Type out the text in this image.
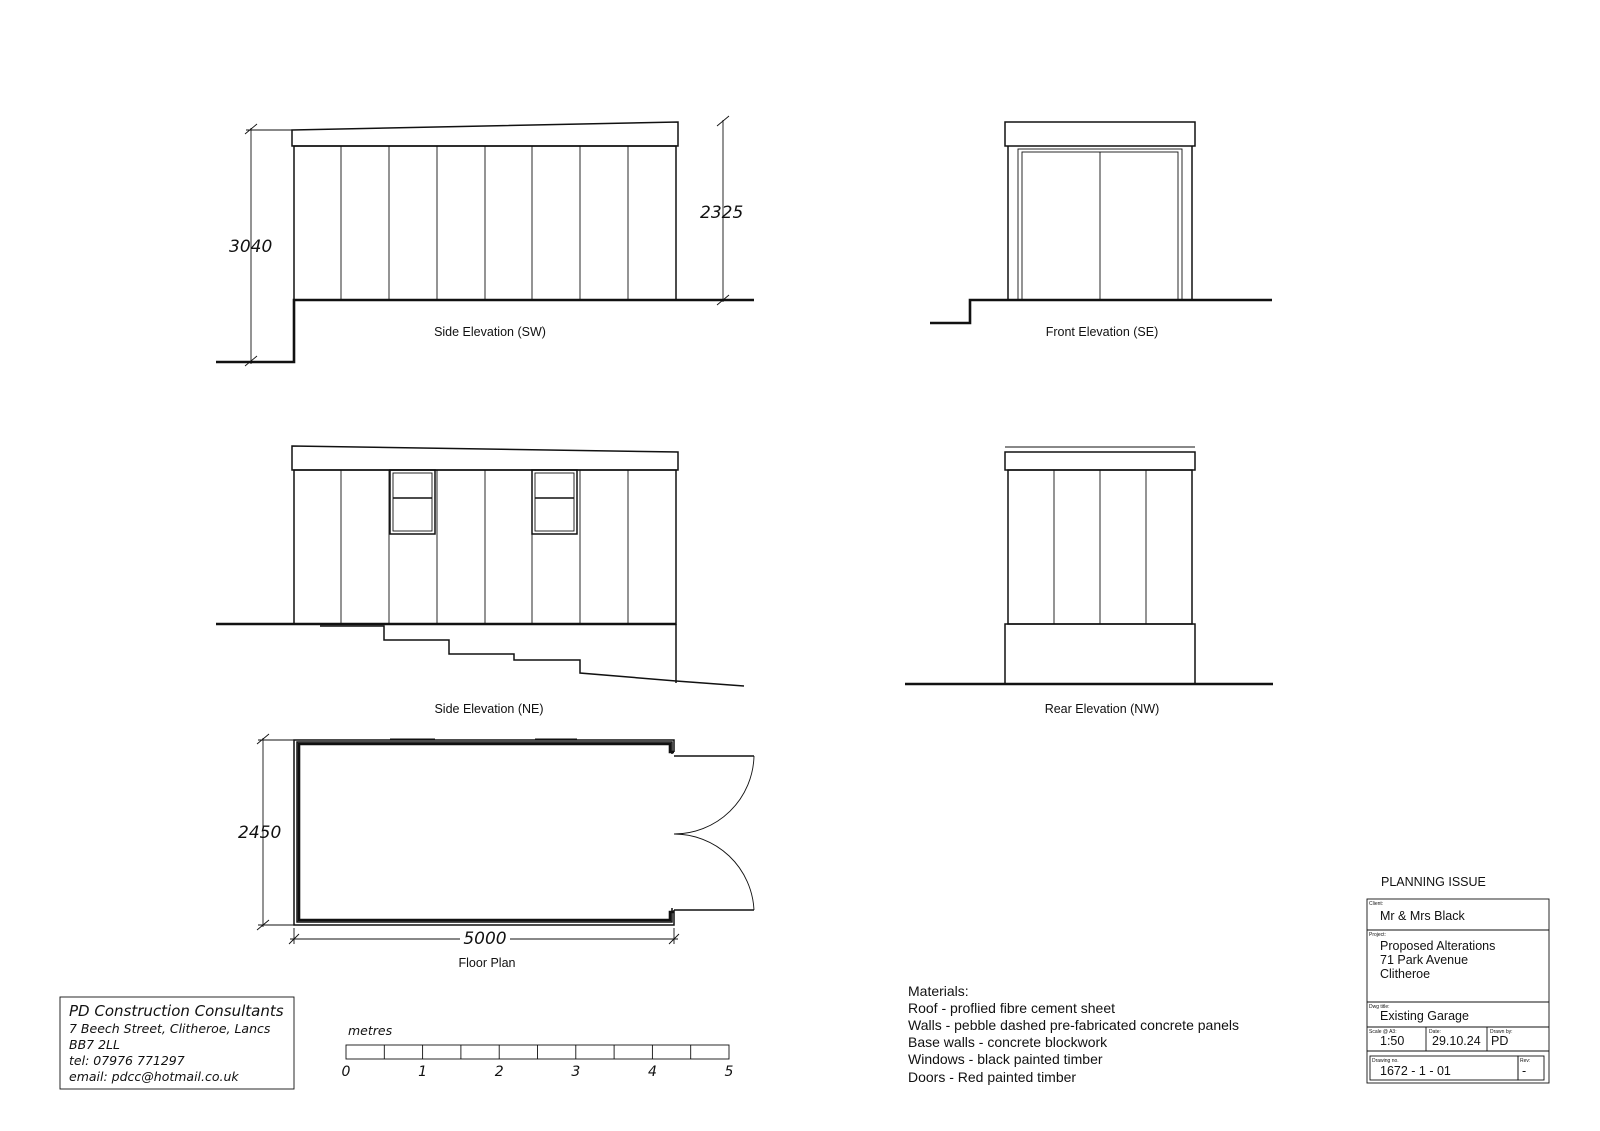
3040
2325
Side Elevation (SW)	Front Elevation (SE)
Side Elevation (NE)	Rear Elevation (NW)
2450
5000
Floor Plan
PD Construction Consultants
7 Beech Street, Clitheroe, Lancs
BB7 2LL
tel: 07976 771297
email: pdcc@hotmail.co.uk
metres
0	1	2	3	4	5
Materials:
Roof - proflied fibre cement sheet
Walls - pebble dashed pre-fabricated concrete panels
Base walls - concrete blockwork
Windows - black painted timber
Doors - Red painted timber
PLANNING ISSUE
Client:
Mr & Mrs Black
Project:
Proposed Alterations
71 Park Avenue
Clitheroe
Dwg title:
Existing Garage
Scale @ A3:
1:50
Date:
29.10.24
Drawn by:
PD
Drawing no.
1672 - 1 - 01
Rev:
-
